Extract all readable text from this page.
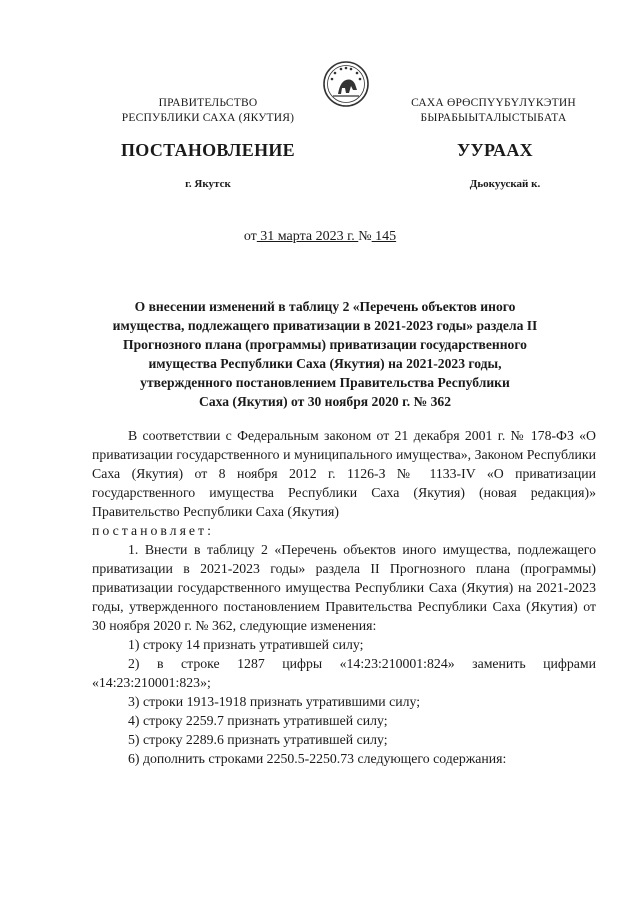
ПРАВИТЕЛЬСТВО
РЕСПУБЛИКИ САХА (ЯКУТИЯ)
САХА ӨРӨСПҮҮБҮЛҮКЭТИН
БЫРАБЫЫТАЛЫСТЫБАТА
ПОСТАНОВЛЕНИЕ	УУРААХ
г. Якутск	Дьокуускай к.
от 31 марта 2023 г. № 145
О внесении изменений в таблицу 2 «Перечень объектов иного
имущества, подлежащего приватизации в 2021-2023 годы» раздела II
Прогнозного плана (программы) приватизации государственного
имущества Республики Саха (Якутия) на 2021-2023 годы,
утвержденного постановлением Правительства Республики
Саха (Якутия) от 30 ноября 2020 г. № 362

В соответствии с Федеральным законом от 21 декабря 2001 г. № 178-ФЗ «О приватизации государственного и муниципального имущества», Законом Республики Саха (Якутия) от 8 ноября 2012 г. 1126-З № 1133-IV «О приватизации государственного имущества Республики Саха (Якутия) (новая редакция)» Правительство Республики Саха (Якутия)

постановляет:

1. Внести в таблицу 2 «Перечень объектов иного имущества, подлежащего приватизации в 2021-2023 годы» раздела II Прогнозного плана (программы) приватизации государственного имущества Республики Саха (Якутия) на 2021-2023 годы, утвержденного постановлением Правительства Республики Саха (Якутия) от 30 ноября 2020 г. № 362, следующие изменения:

1) строку 14 признать утратившей силу;

2) в строке 1287 цифры «14:23:210001:824» заменить цифрами «14:23:210001:823»;

3) строки 1913-1918 признать утратившими силу;

4) строку 2259.7 признать утратившей силу;

5) строку 2289.6 признать утратившей силу;

6) дополнить строками 2250.5-2250.73 следующего содержания:
